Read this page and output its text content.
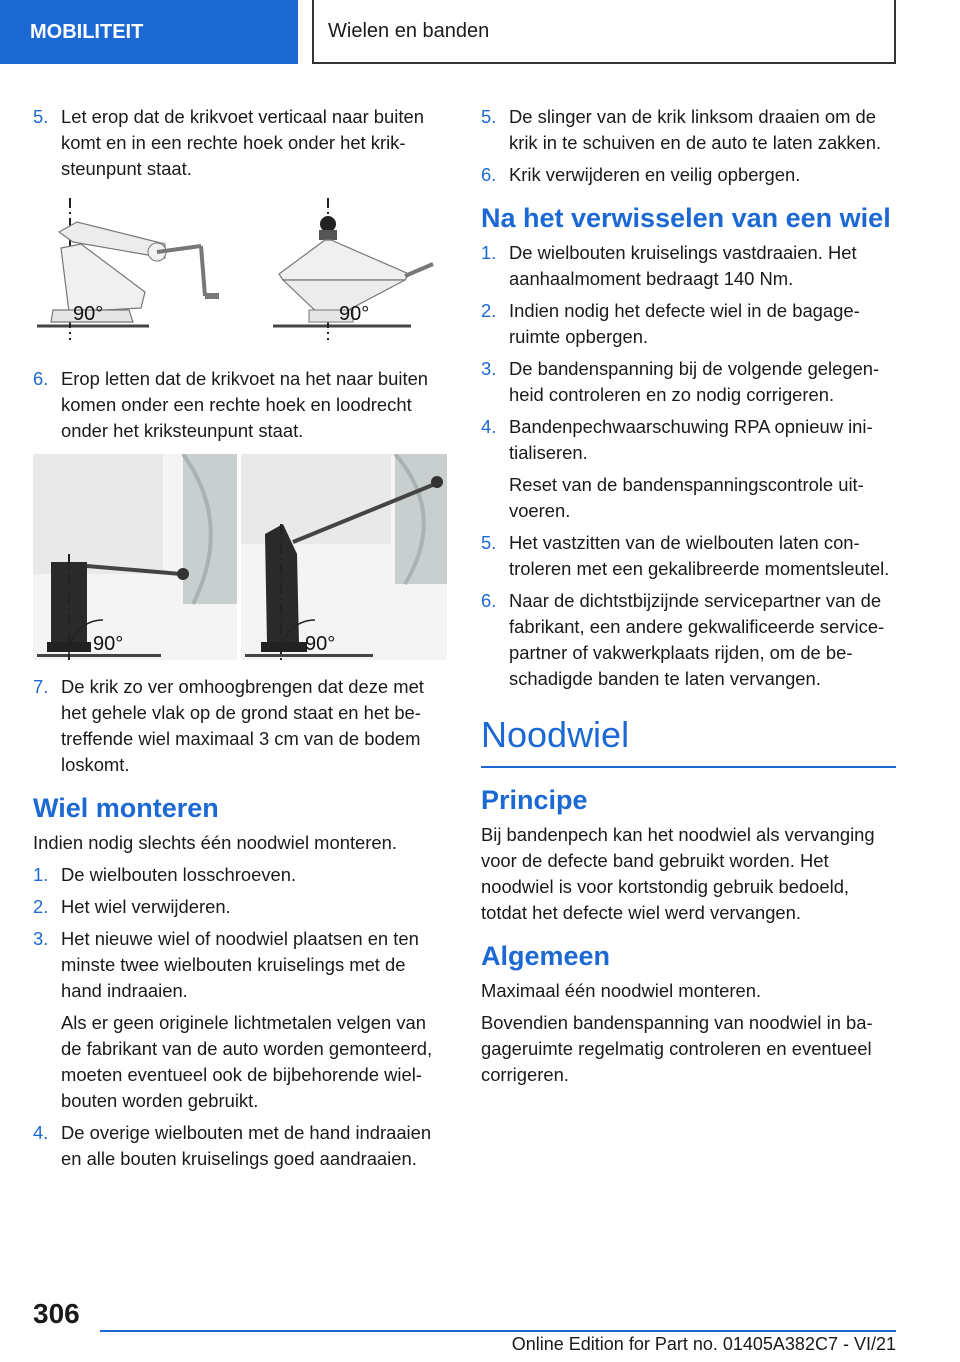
MOBILITEIT	Wielen en banden
5. Let erop dat de krikvoet verticaal naar buiten komt en in een rechte hoek onder het kriksteunpunt staat.
90°	90°
6. Erop letten dat de krikvoet na het naar buiten komen onder een rechte hoek en loodrecht onder het kriksteunpunt staat.
90°	90°
7. De krik zo ver omhoogbrengen dat deze met het gehele vlak op de grond staat en het betreffende wiel maximaal 3 cm van de bodem loskomt.
Wiel monteren
Indien nodig slechts één noodwiel monteren.
1. De wielbouten losschroeven.
2. Het wiel verwijderen.
3. Het nieuwe wiel of noodwiel plaatsen en ten minste twee wielbouten kruiselings met de hand indraaien.
Als er geen originele lichtmetalen velgen van de fabrikant van de auto worden gemonteerd, moeten eventueel ook de bijbehorende wielbouten worden gebruikt.
4. De overige wielbouten met de hand indraaien en alle bouten kruiselings goed aandraaien.
5. De slinger van de krik linksom draaien om de krik in te schuiven en de auto te laten zakken.
6. Krik verwijderen en veilig opbergen.
Na het verwisselen van een wiel
1. De wielbouten kruiselings vastdraaien. Het aanhaalmoment bedraagt 140 Nm.
2. Indien nodig het defecte wiel in de bagageruimte opbergen.
3. De bandenspanning bij de volgende gelegenheid controleren en zo nodig corrigeren.
4. Bandenpechwaarschuwing RPA opnieuw initialiseren.
Reset van de bandenspanningscontrole uitvoeren.
5. Het vastzitten van de wielbouten laten controleren met een gekalibreerde momentsleutel.
6. Naar de dichtstbijzijnde servicepartner van de fabrikant, een andere gekwalificeerde servicepartner of vakwerkplaats rijden, om de beschadigde banden te laten vervangen.
Noodwiel
Principe
Bij bandenpech kan het noodwiel als vervanging voor de defecte band gebruikt worden. Het noodwiel is voor kortstondig gebruik bedoeld, totdat het defecte wiel werd vervangen.
Algemeen
Maximaal één noodwiel monteren.
Bovendien bandenspanning van noodwiel in bagageruimte regelmatig controleren en eventueel corrigeren.
306
Online Edition for Part no. 01405A382C7 - VI/21
